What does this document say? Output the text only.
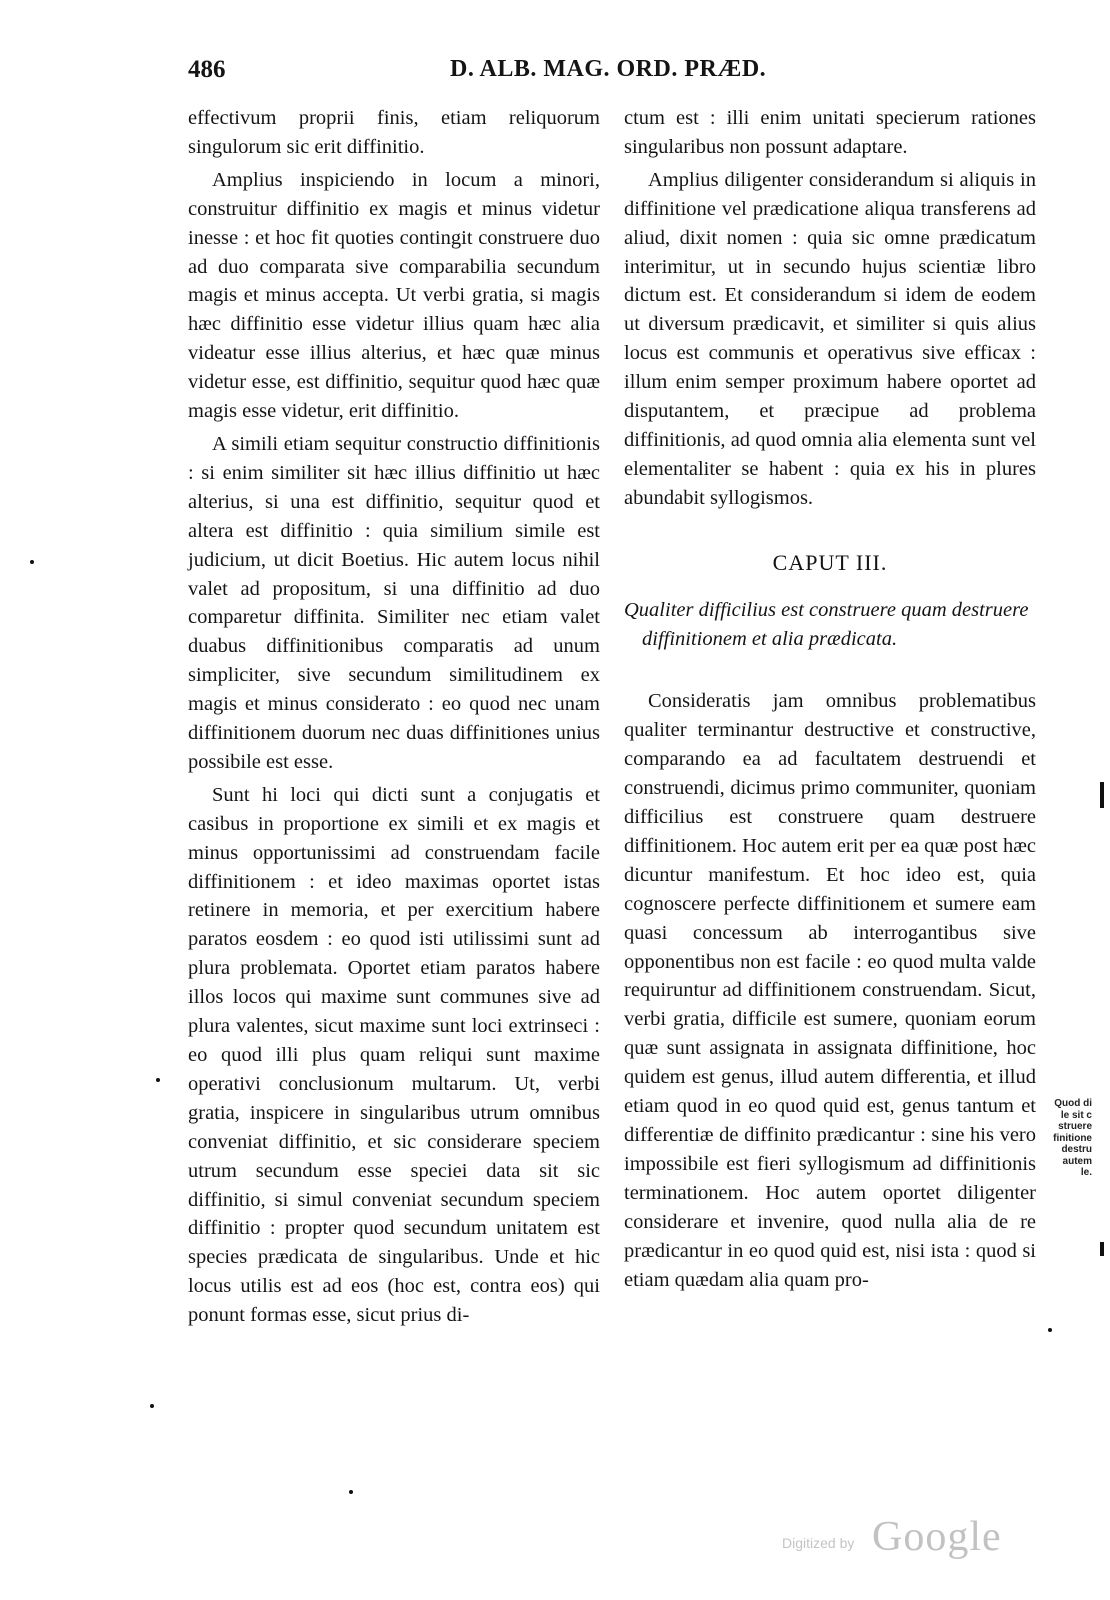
486	D. ALB. MAG. ORD. PRÆD.

effectivum proprii finis, etiam reliquorum singulorum sic erit diffinitio.

Amplius inspiciendo in locum a minori, construitur diffinitio ex magis et minus videtur inesse : et hoc fit quoties contingit construere duo ad duo comparata sive comparabilia secundum magis et minus accepta. Ut verbi gratia, si magis hæc diffinitio esse videtur illius quam hæc alia videatur esse illius alterius, et hæc quæ minus videtur esse, est diffinitio, sequitur quod hæc quæ magis esse videtur, erit diffinitio.

A simili etiam sequitur constructio diffinitionis : si enim similiter sit hæc illius diffinitio ut hæc alterius, si una est diffinitio, sequitur quod et altera est diffinitio : quia similium simile est judicium, ut dicit Boetius. Hic autem locus nihil valet ad propositum, si una diffinitio ad duo comparetur diffinita. Similiter nec etiam valet duabus diffinitionibus comparatis ad unum simpliciter, sive secundum similitudinem ex magis et minus considerato : eo quod nec unam diffinitionem duorum nec duas diffinitiones unius possibile est esse.

Sunt hi loci qui dicti sunt a conjugatis et casibus in proportione ex simili et ex magis et minus opportunissimi ad construendam facile diffinitionem : et ideo maximas oportet istas retinere in memoria, et per exercitium habere paratos eosdem : eo quod isti utilissimi sunt ad plura problemata. Oportet etiam paratos habere illos locos qui maxime sunt communes sive ad plura valentes, sicut maxime sunt loci extrinseci : eo quod illi plus quam reliqui sunt maxime operativi conclusionum multarum. Ut, verbi gratia, inspicere in singularibus utrum omnibus conveniat diffinitio, et sic considerare speciem utrum secundum esse speciei data sit sic diffinitio, si simul conveniat secundum speciem diffinitio : propter quod secundum unitatem est species prædicata de singularibus. Unde et hic locus utilis est ad eos (hoc est, contra eos) qui ponunt formas esse, sicut prius di-

ctum est : illi enim unitati specierum rationes singularibus non possunt adaptare.

Amplius diligenter considerandum si aliquis in diffinitione vel prædicatione aliqua transferens ad aliud, dixit nomen : quia sic omne prædicatum interimitur, ut in secundo hujus scientiæ libro dictum est. Et considerandum si idem de eodem ut diversum prædicavit, et similiter si quis alius locus est communis et operativus sive efficax : illum enim semper proximum habere oportet ad disputantem, et præcipue ad problema diffinitionis, ad quod omnia alia elementa sunt vel elementaliter se habent : quia ex his in plures abundabit syllogismos.

CAPUT III.
Qualiter difficilius est construere quam destruere diffinitionem et alia prædicata.

Consideratis jam omnibus problematibus qualiter terminantur destructive et constructive, comparando ea ad facultatem destruendi et construendi, dicimus primo communiter, quoniam difficilius est construere quam destruere diffinitionem. Hoc autem erit per ea quæ post hæc dicuntur manifestum. Et hoc ideo est, quia cognoscere perfecte diffinitionem et sumere eam quasi concessum ab interrogantibus sive opponentibus non est facile : eo quod multa valde requiruntur ad diffinitionem construendam. Sicut, verbi gratia, difficile est sumere, quoniam eorum quæ sunt assignata in assignata diffinitione, hoc quidem est genus, illud autem differentia, et illud etiam quod in eo quod quid est, genus tantum et differentiæ de diffinito prædicantur : sine his vero impossibile est fieri syllogismum ad diffinitionis terminationem. Hoc autem oportet diligenter considerare et invenire, quod nulla alia de re prædicantur in eo quod quid est, nisi ista : quod si etiam quædam alia quam pro-

Quod di
le sit c
struere
finitione
destru
autem
le.
Digitized by Google
